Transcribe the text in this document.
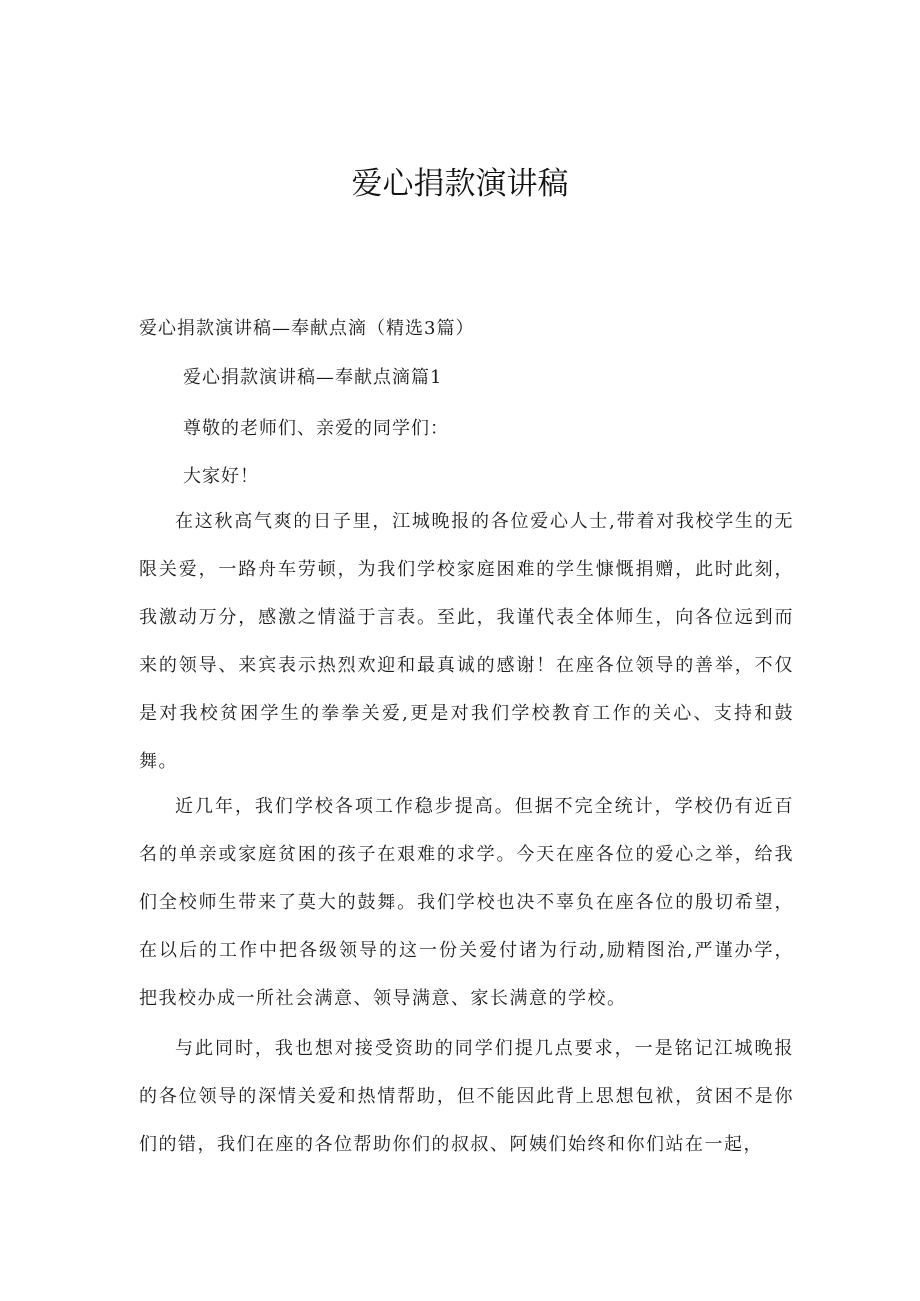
爱心捐款演讲稿
爱心捐款演讲稿—奉献点滴（精选3篇）
爱心捐款演讲稿—奉献点滴篇1
尊敬的老师们、亲爱的同学们：
大家好！

在这秋高气爽的日子里，江城晚报的各位爱心人士,带着对我校学生的无限关爱，一路舟车劳顿，为我们学校家庭困难的学生慷慨捐赠，此时此刻，我激动万分，感激之情溢于言表。至此，我谨代表全体师生，向各位远到而来的领导、来宾表示热烈欢迎和最真诚的感谢！在座各位领导的善举，不仅是对我校贫困学生的拳拳关爱,更是对我们学校教育工作的关心、支持和鼓舞。

近几年，我们学校各项工作稳步提高。但据不完全统计，学校仍有近百名的单亲或家庭贫困的孩子在艰难的求学。今天在座各位的爱心之举，给我们全校师生带来了莫大的鼓舞。我们学校也决不辜负在座各位的殷切希望，在以后的工作中把各级领导的这一份关爱付诸为行动,励精图治,严谨办学，把我校办成一所社会满意、领导满意、家长满意的学校。

与此同时，我也想对接受资助的同学们提几点要求，一是铭记江城晚报的各位领导的深情关爱和热情帮助，但不能因此背上思想包袱，贫困不是你们的错，我们在座的各位帮助你们的叔叔、阿姨们始终和你们站在一起，
